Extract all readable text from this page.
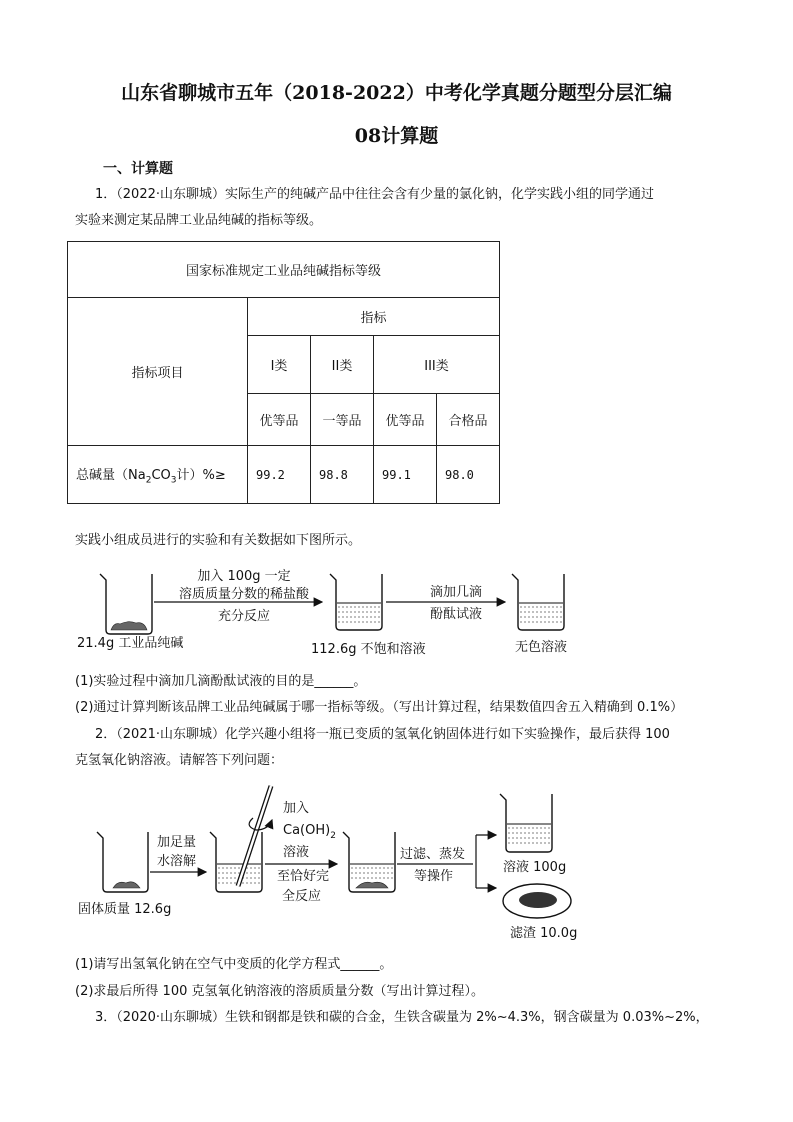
山东省聊城市五年（2018-2022）中考化学真题分题型分层汇编
08计算题
一、计算题
1．（2022·山东聊城）实际生产的纯碱产品中往往会含有少量的氯化钠，化学实践小组的同学通过
实验来测定某品牌工业品纯碱的指标等级。
国家标准规定工业品纯碱指标等级				
指标项目	指标			
	I类	II类	III类	
	优等品	一等品	优等品	合格品
总碱量（$Na_2CO_3$计）%≥	99.2	98.8	99.1	98.0
实践小组成员进行的实验和有关数据如下图所示。
加入 100g 一定
溶质质量分数的稀盐酸
充分反应
滴加几滴
酚酞试液
21.4g 工业品纯碱	112.6g 不饱和溶液	无色溶液
(1)实验过程中滴加几滴酚酞试液的目的是______。
(2)通过计算判断该品牌工业品纯碱属于哪一指标等级。（写出计算过程，结果数值四舍五入精确到 0.1%）
2．（2021·山东聊城）化学兴趣小组将一瓶已变质的氢氧化钠固体进行如下实验操作，最后获得 100
克氢氧化钠溶液。请解答下列问题：
加足量
水溶解
加入
$Ca(OH)_2$
溶液
至恰好完
全反应
过滤、蒸发
等操作
溶液 100g
滤渣 10.0g
固体质量 12.6g
(1)请写出氢氧化钠在空气中变质的化学方程式______。
(2)求最后所得 100 克氢氧化钠溶液的溶质质量分数（写出计算过程）。
3．（2020·山东聊城）生铁和钢都是铁和碳的合金，生铁含碳量为 2%~4.3%，钢含碳量为 0.03%~2%，
